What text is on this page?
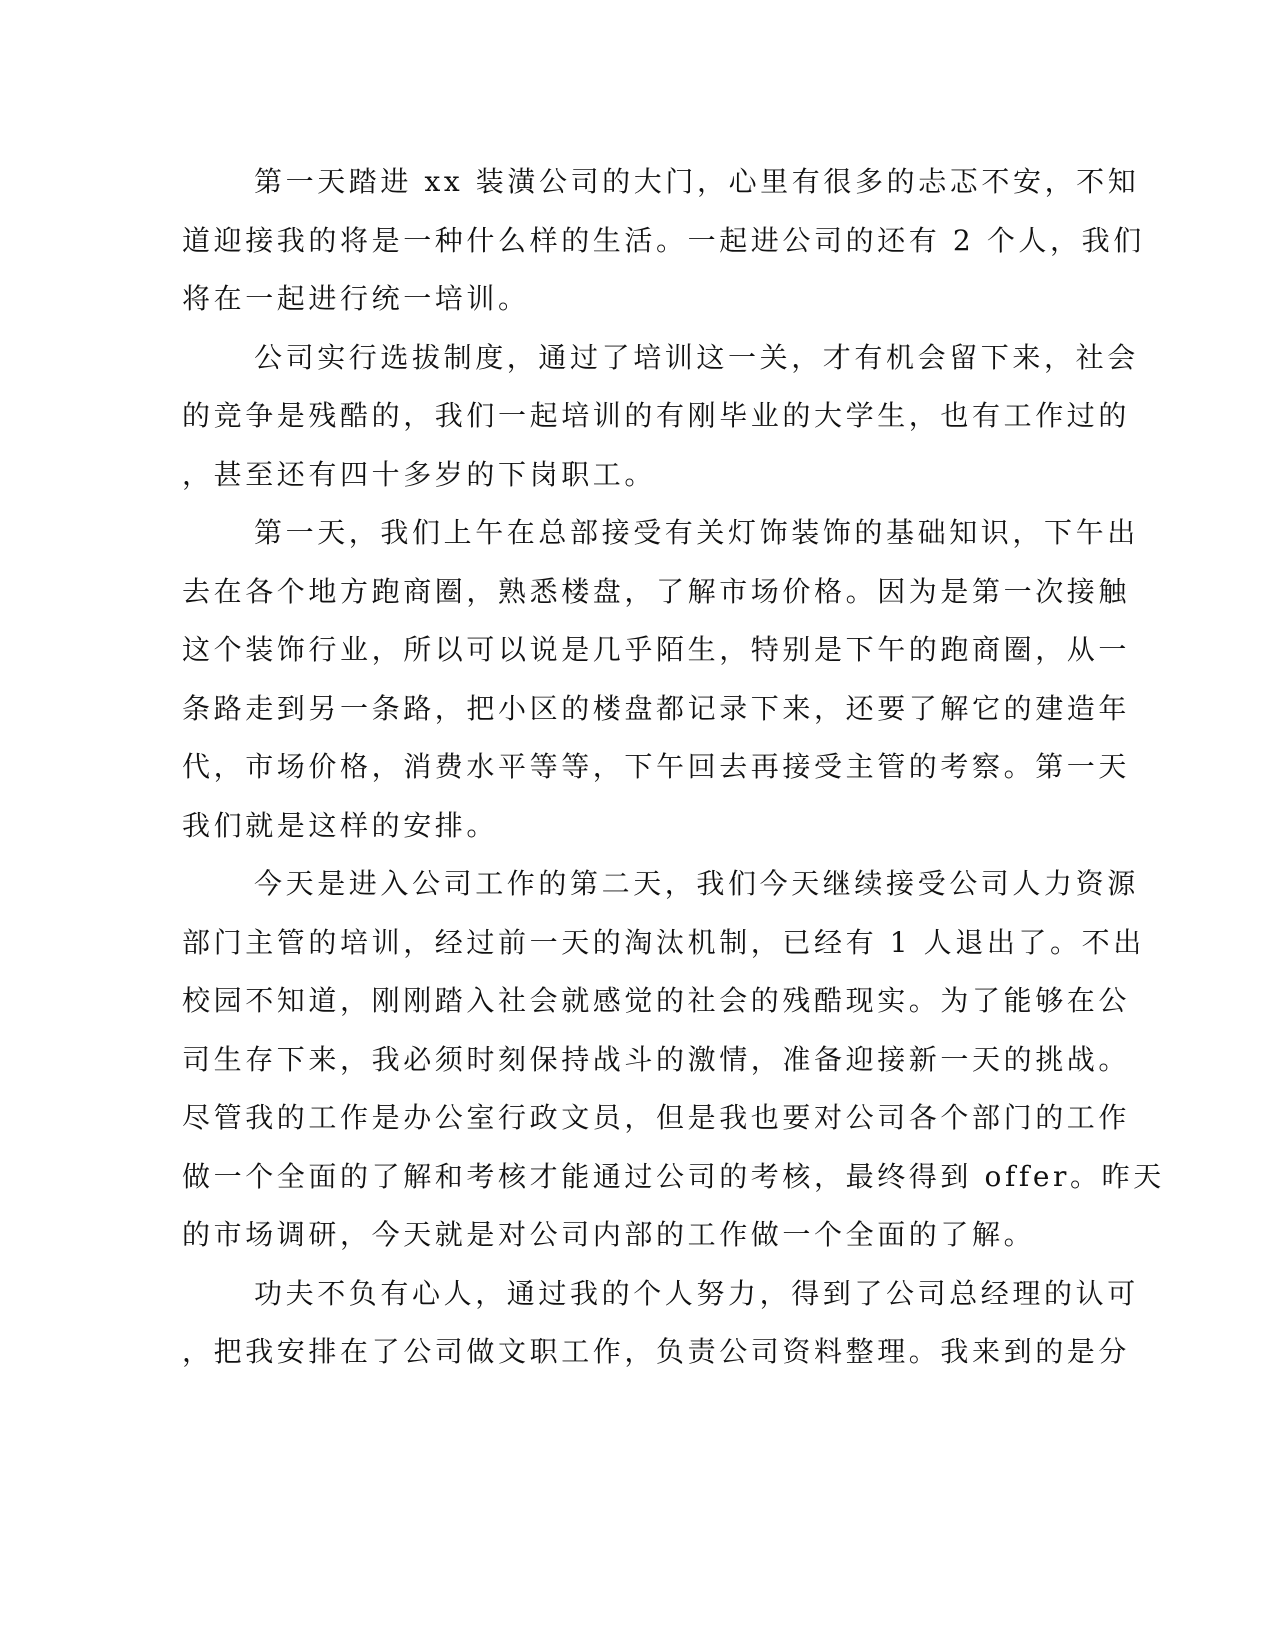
第一天踏进 xx 装潢公司的大门，心里有很多的忐忑不安，不知
道迎接我的将是一种什么样的生活。一起进公司的还有 2 个人，我们
将在一起进行统一培训。
公司实行选拔制度，通过了培训这一关，才有机会留下来，社会
的竞争是残酷的，我们一起培训的有刚毕业的大学生，也有工作过的
，甚至还有四十多岁的下岗职工。
第一天，我们上午在总部接受有关灯饰装饰的基础知识，下午出
去在各个地方跑商圈，熟悉楼盘，了解市场价格。因为是第一次接触
这个装饰行业，所以可以说是几乎陌生，特别是下午的跑商圈，从一
条路走到另一条路，把小区的楼盘都记录下来，还要了解它的建造年
代，市场价格，消费水平等等，下午回去再接受主管的考察。第一天
我们就是这样的安排。
今天是进入公司工作的第二天，我们今天继续接受公司人力资源
部门主管的培训，经过前一天的淘汰机制，已经有 1 人退出了。不出
校园不知道，刚刚踏入社会就感觉的社会的残酷现实。为了能够在公
司生存下来，我必须时刻保持战斗的激情，准备迎接新一天的挑战。
尽管我的工作是办公室行政文员，但是我也要对公司各个部门的工作
做一个全面的了解和考核才能通过公司的考核，最终得到 offer。昨天
的市场调研，今天就是对公司内部的工作做一个全面的了解。
功夫不负有心人，通过我的个人努力，得到了公司总经理的认可
，把我安排在了公司做文职工作，负责公司资料整理。我来到的是分
